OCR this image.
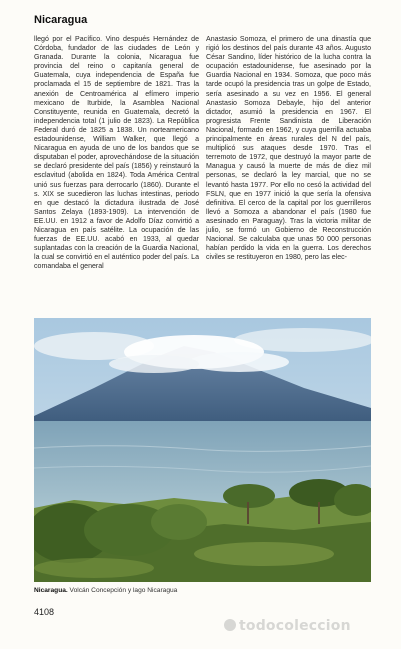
Nicaragua

llegó por el Pacífico. Vino después Hernández de Córdoba, fundador de las ciudades de León y Granada. Durante la colonia, Nicaragua fue provincia del reino o capitanía general de Guatemala, cuya independencia de España fue proclamada el 15 de septiembre de 1821. Tras la anexión de Centroamérica al efímero imperio mexicano de Iturbide, la Asamblea Nacional Constituyente, reunida en Guatemala, decretó la independencia total (1 julio de 1823). La República Federal duró de 1825 a 1838. Un norteamericano estadounidense, William Walker, que llegó a Nicaragua en ayuda de uno de los bandos que se disputaban el poder, aprovechándose de la situación se declaró presidente del país (1856) y reinstauró la esclavitud (abolida en 1824). Toda América Central unió sus fuerzas para derrocarlo (1860). Durante el s. XIX se sucedieron las luchas intestinas, periodo en que destacó la dictadura ilustrada de José Santos Zelaya (1893-1909). La intervención de EE.UU. en 1912 a favor de Adolfo Díaz convirtió a Nicaragua en país satélite. La ocupación de las fuerzas de EE.UU. acabó en 1933, al quedar suplantadas con la creación de la Guardia Nacional, la cual se convirtió en el auténtico poder del país. La comandaba el general

Anastasio Somoza, el primero de una dinastía que rigió los destinos del país durante 43 años. Augusto César Sandino, líder histórico de la lucha contra la ocupación estadounidense, fue asesinado por la Guardia Nacional en 1934. Somoza, que poco más tarde ocupó la presidencia tras un golpe de Estado, sería asesinado a su vez en 1956. El general Anastasio Somoza Debayle, hijo del anterior dictador, asumió la presidencia en 1967. El progresista Frente Sandinista de Liberación Nacional, formado en 1962, y cuya guerrilla actuaba principalmente en áreas rurales del N del país, multiplicó sus ataques desde 1970. Tras el terremoto de 1972, que destruyó la mayor parte de Managua y causó la muerte de más de diez mil personas, se declaró la ley marcial, que no se levantó hasta 1977. Por ello no cesó la actividad del FSLN, que en 1977 inició la que sería la ofensiva definitiva. El cerco de la capital por los guerrilleros llevó a Somoza a abandonar el país (1980 fue asesinado en Paraguay). Tras la victoria militar de julio, se formó un Gobierno de Reconstrucción Nacional. Se calculaba que unas 50 000 personas habían perdido la vida en la guerra. Los derechos civiles se restituyeron en 1980, pero las elec-

Nicaragua. Volcán Concepción y lago Nicaragua
4108
todocoleccion
